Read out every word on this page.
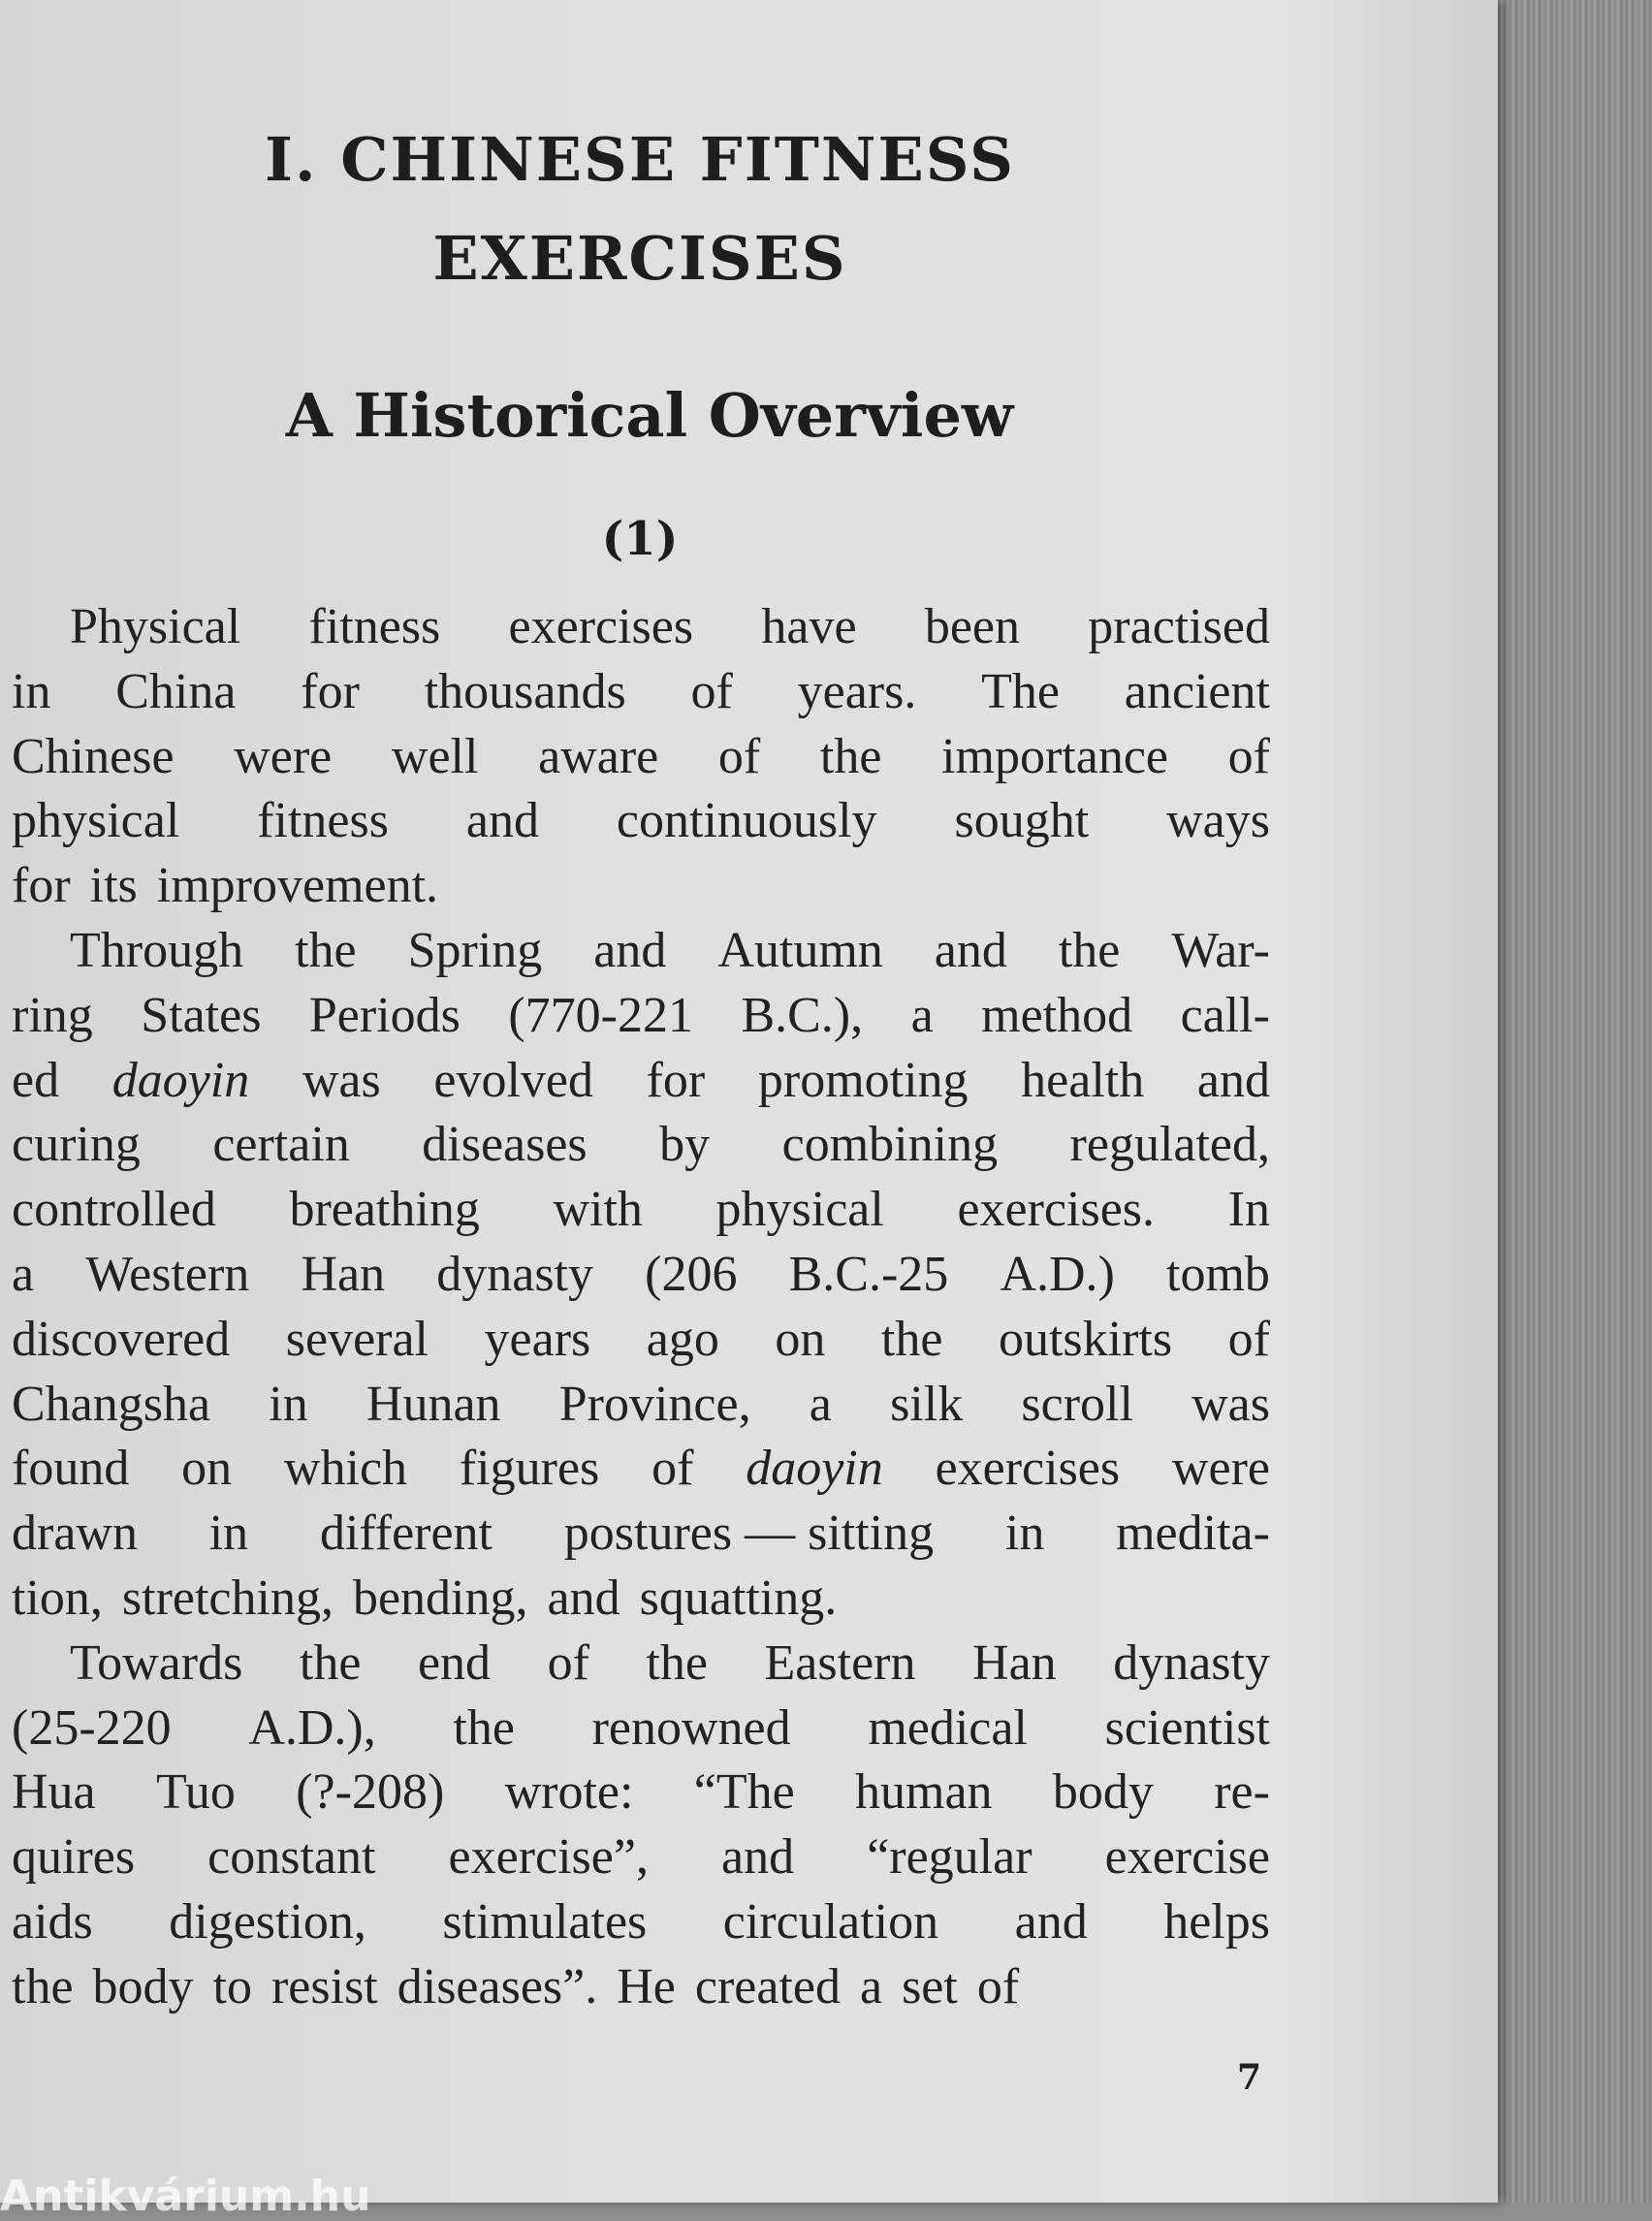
I. CHINESE FITNESS
EXERCISES
A Historical Overview
(1)
Physical fitness exercises have been practised
in China for thousands of years. The ancient
Chinese were well aware of the importance of
physical fitness and continuously sought ways
for its improvement.
Through the Spring and Autumn and the War-
ring States Periods (770-221 B.C.), a method call-
ed daoyin was evolved for promoting health and
curing certain diseases by combining regulated,
controlled breathing with physical exercises. In
a Western Han dynasty (206 B.C.-25 A.D.) tomb
discovered several years ago on the outskirts of
Changsha in Hunan Province, a silk scroll was
found on which figures of daoyin exercises were
drawn in different postures — sitting in medita-
tion, stretching, bending, and squatting.
Towards the end of the Eastern Han dynasty
(25-220 A.D.), the renowned medical scientist
Hua Tuo (?-208) wrote: “The human body re-
quires constant exercise”, and “regular exercise
aids digestion, stimulates circulation and helps
the body to resist diseases”. He created a set of
7
Antikvárium.hu
